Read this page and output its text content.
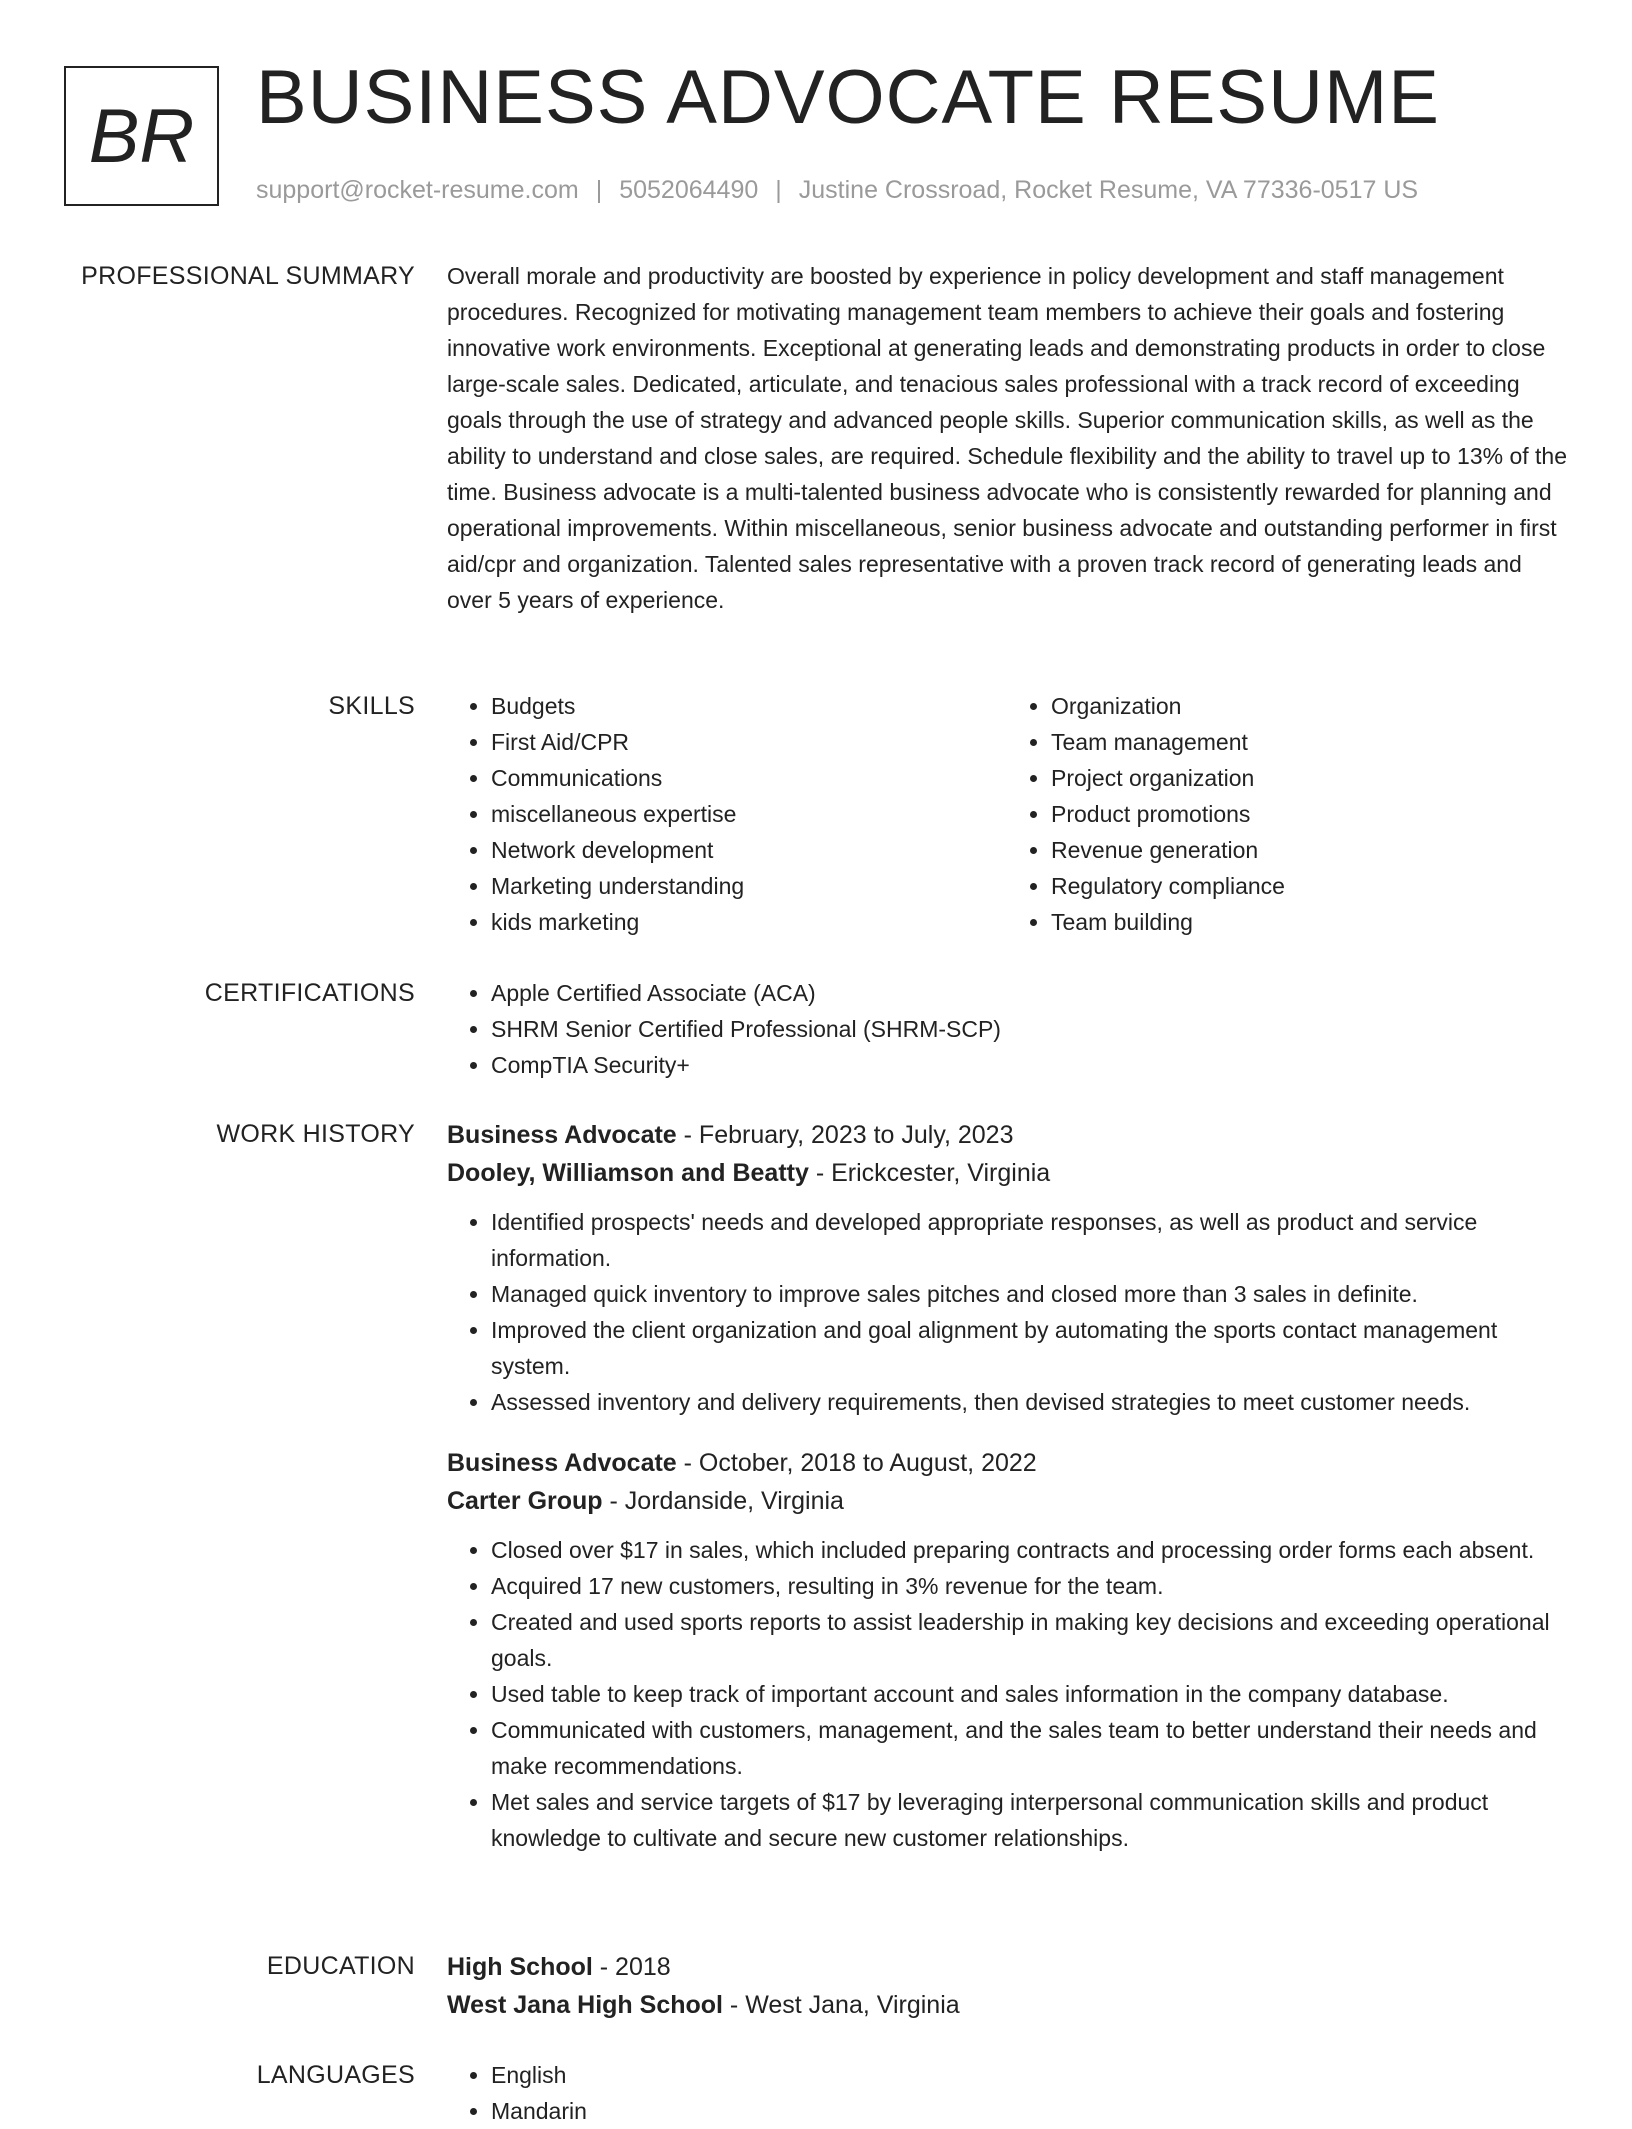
BR BUSINESS ADVOCATE RESUME
support@rocket-resume.com | 5052064490 | Justine Crossroad, Rocket Resume, VA 77336-0517 US
PROFESSIONAL SUMMARY Overall morale and productivity are boosted by experience in policy development and staff management procedures. Recognized for motivating management team members to achieve their goals and fostering innovative work environments. Exceptional at generating leads and demonstrating products in order to close large-scale sales. Dedicated, articulate, and tenacious sales professional with a track record of exceeding goals through the use of strategy and advanced people skills. Superior communication skills, as well as the ability to understand and close sales, are required. Schedule flexibility and the ability to travel up to 13% of the time. Business advocate is a multi-talented business advocate who is consistently rewarded for planning and operational improvements. Within miscellaneous, senior business advocate and outstanding performer in first aid/cpr and organization. Talented sales representative with a proven track record of generating leads and over 5 years of experience.
SKILLS	• Budgets
• First Aid/CPR
• Communications
• miscellaneous expertise
• Network development
• Marketing understanding
• kids marketing
• Organization
• Team management
• Project organization
• Product promotions
• Revenue generation
• Regulatory compliance
• Team building
CERTIFICATIONS	• Apple Certified Associate (ACA)
• SHRM Senior Certified Professional (SHRM-SCP)
• CompTIA Security+
WORK HISTORY Business Advocate - February, 2023 to July, 2023
Dooley, Williamson and Beatty - Erickcester, Virginia
• Identified prospects' needs and developed appropriate responses, as well as product and service information.
• Managed quick inventory to improve sales pitches and closed more than 3 sales in definite.
• Improved the client organization and goal alignment by automating the sports contact management system.
• Assessed inventory and delivery requirements, then devised strategies to meet customer needs.
Business Advocate - October, 2018 to August, 2022
Carter Group - Jordanside, Virginia
• Closed over $17 in sales, which included preparing contracts and processing order forms each absent.
• Acquired 17 new customers, resulting in 3% revenue for the team.
• Created and used sports reports to assist leadership in making key decisions and exceeding operational goals.
• Used table to keep track of important account and sales information in the company database.
• Communicated with customers, management, and the sales team to better understand their needs and make recommendations.
• Met sales and service targets of $17 by leveraging interpersonal communication skills and product knowledge to cultivate and secure new customer relationships.
EDUCATION High School - 2018
West Jana High School - West Jana, Virginia
LANGUAGES	• English
• Mandarin
